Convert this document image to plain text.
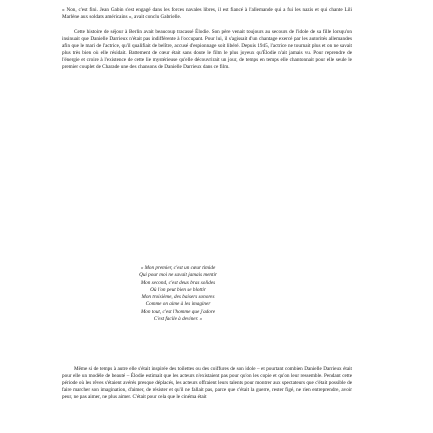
« Non, c'est fini. Jean Gabin s'est engagé dans les forces navales libres, il est fiancé à l'allemande qui a fui les nazis et qui chante Lili Marlène aux soldats américains », avait conclu Gabrielle.

Cette histoire de séjour à Berlin avait beaucoup tracassé Élodie. Son père venait toujours au secours de l'idole de sa fille lorsqu'on insinuait que Danielle Darrieux n'était pas indifférente à l'occupant. Pour lui, il s'agissait d'un chantage exercé par les autorités allemandes afin que le mari de l'actrice, qu'il qualifiait de belître, accusé d'espionnage soit libéré. Depuis 1945, l'actrice ne tournait plus et on ne savait plus très bien où elle résidait. Battement de cœur était sans doute le film le plus joyeux qu'Élodie n'ait jamais vu. Pour reprendre de l'énergie et croire à l'existence de cette lie mystérieuse qu'elle découvrirait un jour, de temps en temps elle chantonnait pour elle seule le premier couplet de Charade une des chansons de Danielle Darrieux dans ce film.

« Mon premier, c'est un cœur timide
Qui pour moi ne savait jamais mentir
Mon second, c'est deux bras solides
Où l'on peut bien se blottir
Mon troisième, des baisers sonores
Comme on aime à les imaginer
Mon tout, c'est l'homme que j'adore
C'est facile à deviner. »

Même si de temps à autre elle s'était inspirée des toilettes ou des coiffures de son idole – et pourtant combien Danielle Darrieux était pour elle un modèle de beauté – Élodie estimait que les acteurs n'existaient pas pour qu'on les copie et qu'on leur ressemble. Pendant cette période où les rêves s'étaient avérés presque déplacés, les acteurs offraient leurs talents pour montrer aux spectateurs que c'était possible de faire marcher son imagination, d'aimer, de résister et qu'il ne fallait pas, parce que c'était la guerre, rester figé, ne rien entreprendre, avoir peur, ne pas aimer, ne plus aimer. C'était pour cela que le cinéma était
